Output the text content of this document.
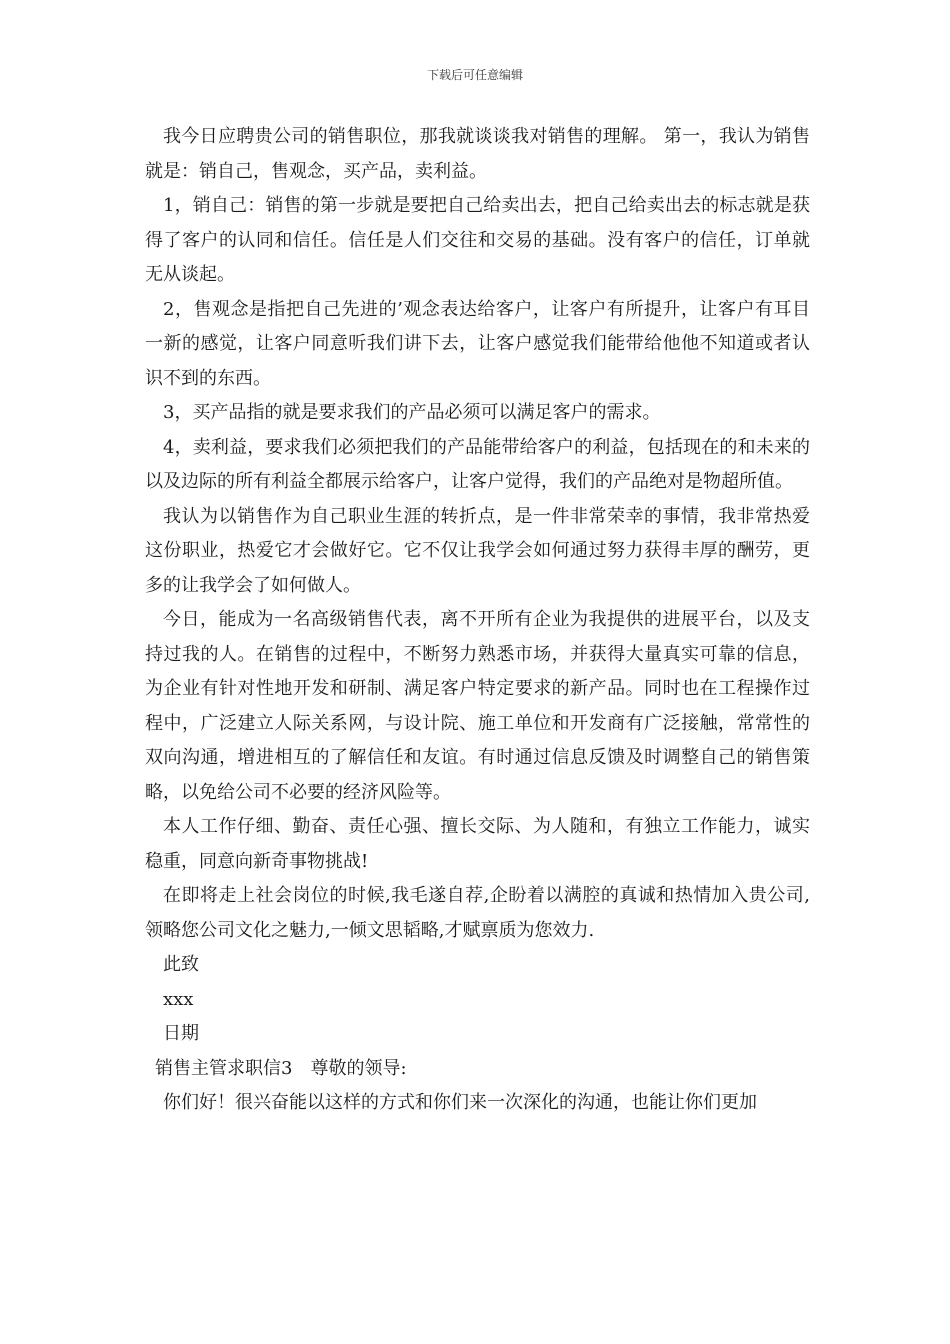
下载后可任意编辑

我今日应聘贵公司的销售职位，那我就谈谈我对销售的理解。 第一，我认为销售就是：销自己，售观念，买产品，卖利益。

1，销自己：销售的第一步就是要把自己给卖出去，把自己给卖出去的标志就是获得了客户的认同和信任。信任是人们交往和交易的基础。没有客户的信任，订单就无从谈起。

2，售观念是指把自己先进的’观念表达给客户，让客户有所提升，让客户有耳目一新的感觉，让客户同意听我们讲下去，让客户感觉我们能带给他他不知道或者认识不到的东西。

3，买产品指的就是要求我们的产品必须可以满足客户的需求。

4，卖利益，要求我们必须把我们的产品能带给客户的利益，包括现在的和未来的以及边际的所有利益全都展示给客户，让客户觉得，我们的产品绝对是物超所值。

我认为以销售作为自己职业生涯的转折点，是一件非常荣幸的事情，我非常热爱这份职业，热爱它才会做好它。它不仅让我学会如何通过努力获得丰厚的酬劳，更多的让我学会了如何做人。

今日，能成为一名高级销售代表，离不开所有企业为我提供的进展平台，以及支持过我的人。在销售的过程中，不断努力熟悉市场，并获得大量真实可靠的信息，为企业有针对性地开发和研制、满足客户特定要求的新产品。同时也在工程操作过程中，广泛建立人际关系网，与设计院、施工单位和开发商有广泛接触，常常性的双向沟通，增进相互的了解信任和友谊。有时通过信息反馈及时调整自己的销售策略，以免给公司不必要的经济风险等。

本人工作仔细、勤奋、责任心强、擅长交际、为人随和，有独立工作能力，诚实稳重，同意向新奇事物挑战!

在即将走上社会岗位的时候,我毛遂自荐,企盼着以满腔的真诚和热情加入贵公司,领略您公司文化之魅力,一倾文思韬略,才赋禀质为您效力.

此致

xxx

日期

销售主管求职信3　尊敬的领导:

你们好！很兴奋能以这样的方式和你们来一次深化的沟通，也能让你们更加
